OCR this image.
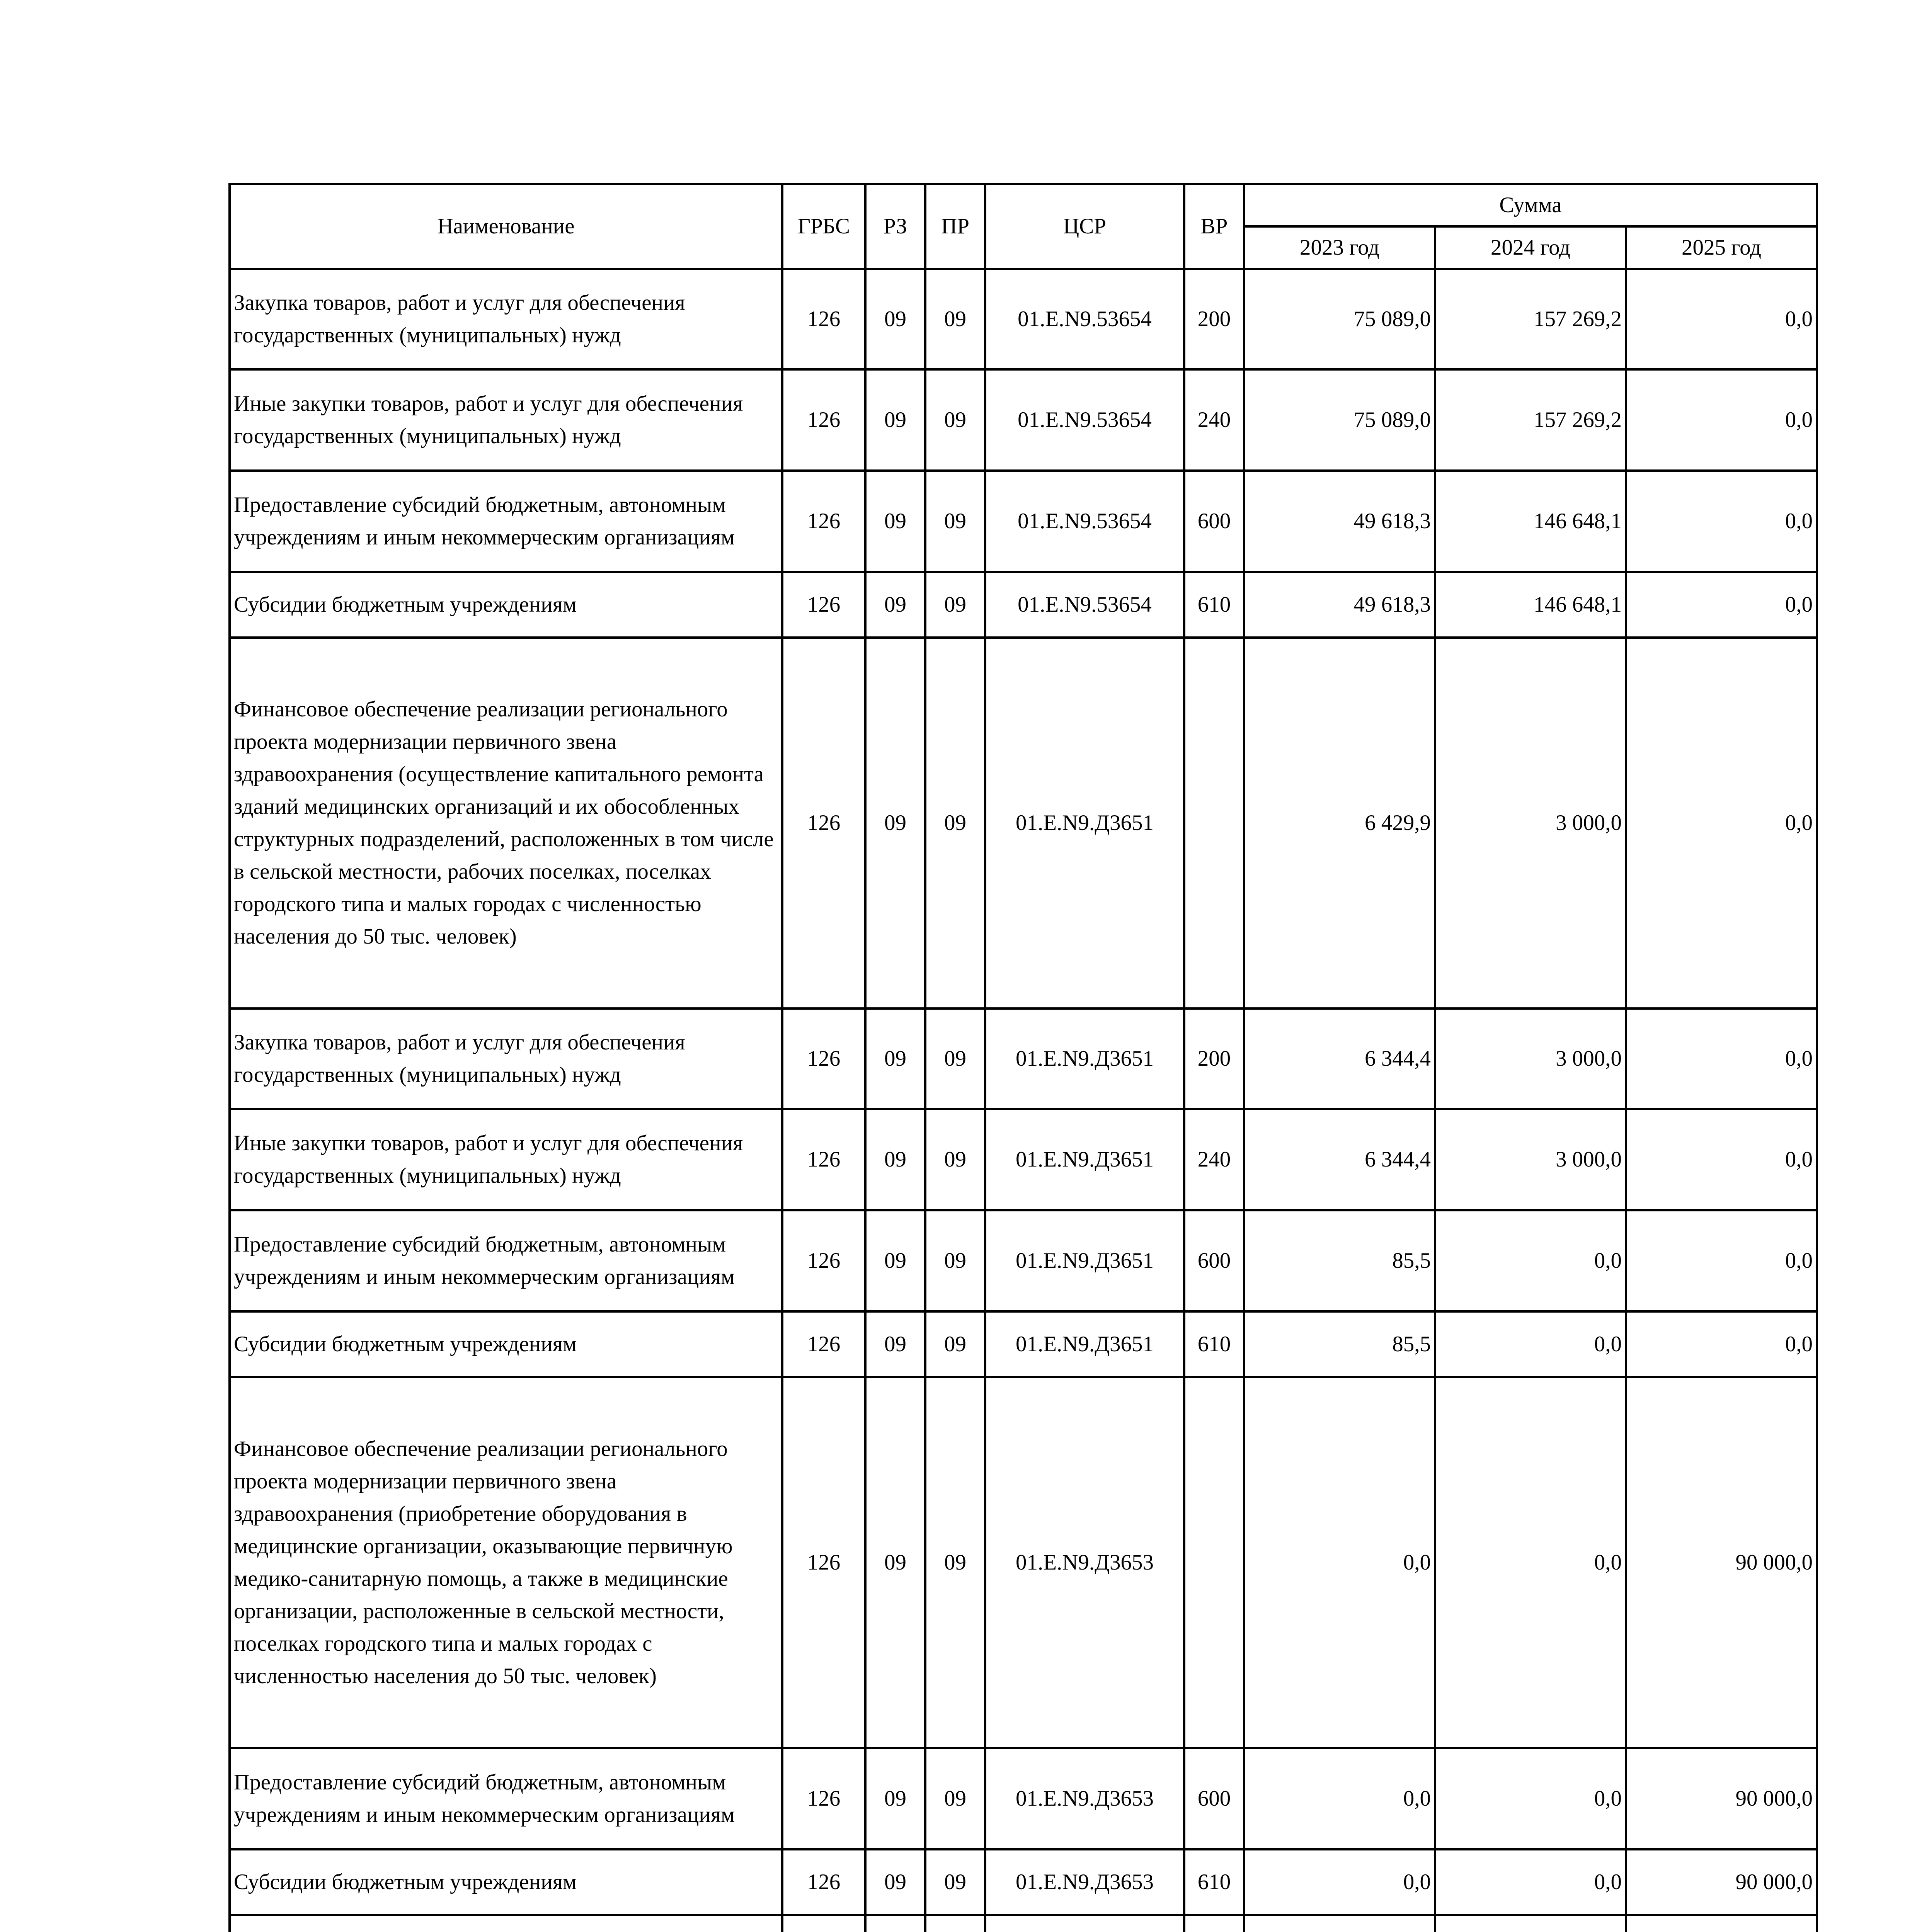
Наименование	ГРБС	РЗ	ПР	ЦСР	ВР	Сумма		
						2023 год	2024 год	2025 год
Закупка товаров, работ и услуг для обеспечения государственных (муниципальных) нужд	126	09	09	01.Е.N9.53654	200	75 089,0	157 269,2	0,0
Иные закупки товаров, работ и услуг для обеспечения государственных (муниципальных) нужд	126	09	09	01.Е.N9.53654	240	75 089,0	157 269,2	0,0
Предоставление субсидий бюджетным, автономным учреждениям и иным некоммерческим организациям	126	09	09	01.Е.N9.53654	600	49 618,3	146 648,1	0,0
Субсидии бюджетным учреждениям	126	09	09	01.Е.N9.53654	610	49 618,3	146 648,1	0,0
Финансовое обеспечение реализации регионального проекта модернизации первичного звена здравоохранения (осуществление капитального ремонта зданий медицинских организаций и их обособленных структурных подразделений, расположенных в том числе в сельской местности, рабочих поселках, поселках городского типа и малых городах с численностью населения до 50 тыс. человек)	126	09	09	01.Е.N9.Д3651		6 429,9	3 000,0	0,0
Закупка товаров, работ и услуг для обеспечения государственных (муниципальных) нужд	126	09	09	01.Е.N9.Д3651	200	6 344,4	3 000,0	0,0
Иные закупки товаров, работ и услуг для обеспечения государственных (муниципальных) нужд	126	09	09	01.Е.N9.Д3651	240	6 344,4	3 000,0	0,0
Предоставление субсидий бюджетным, автономным учреждениям и иным некоммерческим организациям	126	09	09	01.Е.N9.Д3651	600	85,5	0,0	0,0
Субсидии бюджетным учреждениям	126	09	09	01.Е.N9.Д3651	610	85,5	0,0	0,0
Финансовое обеспечение реализации регионального проекта модернизации первичного звена здравоохранения (приобретение оборудования в медицинские организации, оказывающие первичную медико-санитарную помощь, а также в медицинские организации, расположенные в сельской местности, поселках городского типа и малых городах с численностью населения до 50 тыс. человек)	126	09	09	01.Е.N9.Д3653		0,0	0,0	90 000,0
Предоставление субсидий бюджетным, автономным учреждениям и иным некоммерческим организациям	126	09	09	01.Е.N9.Д3653	600	0,0	0,0	90 000,0
Субсидии бюджетным учреждениям	126	09	09	01.Е.N9.Д3653	610	0,0	0,0	90 000,0
